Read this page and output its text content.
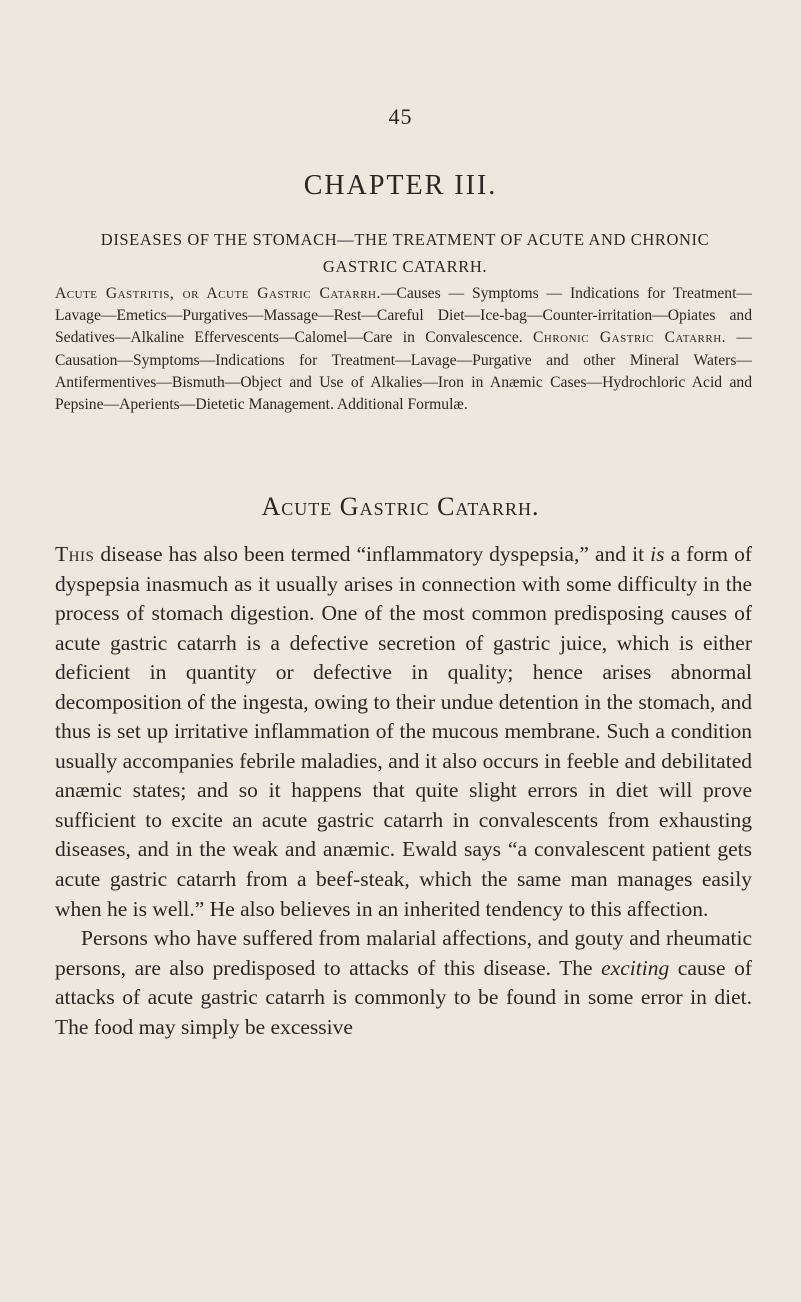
45
CHAPTER III.
DISEASES OF THE STOMACH—THE TREATMENT OF ACUTE AND CHRONIC GASTRIC CATARRH.

Acute Gastritis, or Acute Gastric Catarrh.—Causes — Symptoms — Indications for Treatment—Lavage—Emetics—Purgatives—Massage—Rest—Careful Diet—Ice-bag—Counter-irritation—Opiates and Sedatives—Alkaline Effervescents—Calomel—Care in Convalescence. Chronic Gastric Catarrh. —Causation—Symptoms—Indications for Treatment—Lavage—Purgative and other Mineral Waters—Antifermentives—Bismuth—Object and Use of Alkalies—Iron in Anæmic Cases—Hydrochloric Acid and Pepsine—Aperients—Dietetic Management. Additional Formulæ.

Acute Gastric Catarrh.

This disease has also been termed “inflammatory dyspepsia,” and it is a form of dyspepsia inasmuch as it usually arises in connection with some difficulty in the process of stomach digestion. One of the most common predisposing causes of acute gastric catarrh is a defective secretion of gastric juice, which is either deficient in quantity or defective in quality; hence arises abnormal decomposition of the ingesta, owing to their undue detention in the stomach, and thus is set up irritative inflammation of the mucous membrane. Such a condition usually accompanies febrile maladies, and it also occurs in feeble and debilitated anæmic states; and so it happens that quite slight errors in diet will prove sufficient to excite an acute gastric catarrh in convalescents from exhausting diseases, and in the weak and anæmic. Ewald says “a convalescent patient gets acute gastric catarrh from a beef-steak, which the same man manages easily when he is well.” He also believes in an inherited tendency to this affection.

Persons who have suffered from malarial affections, and gouty and rheumatic persons, are also predisposed to attacks of this disease. The exciting cause of attacks of acute gastric catarrh is commonly to be found in some error in diet. The food may simply be excessive
